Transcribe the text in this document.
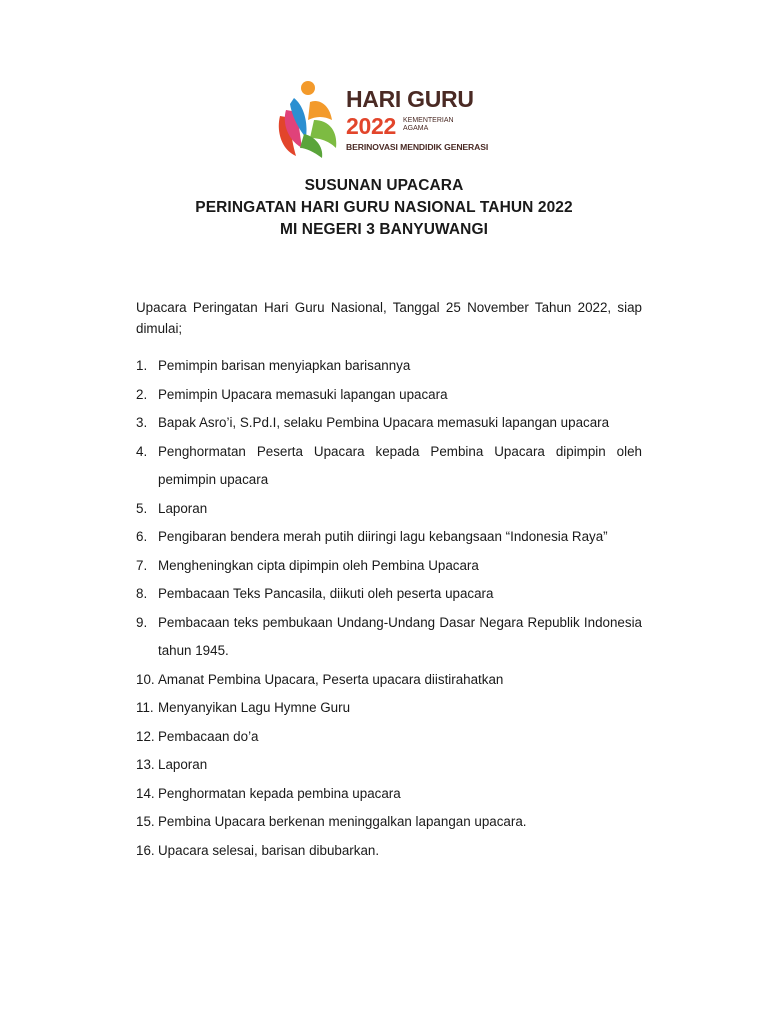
HARI GURU
2022 KEMENTERIAN
AGAMA
BERINOVASI MENDIDIK GENERASI
SUSUNAN UPACARA
PERINGATAN HARI GURU NASIONAL TAHUN 2022
MI NEGERI 3 BANYUWANGI

Upacara Peringatan Hari Guru Nasional, Tanggal 25 November Tahun 2022, siap dimulai;

1. Pemimpin barisan menyiapkan barisannya
2. Pemimpin Upacara memasuki lapangan upacara
3. Bapak Asro’i, S.Pd.I, selaku Pembina Upacara memasuki lapangan upacara
4. Penghormatan Peserta Upacara kepada Pembina Upacara dipimpin oleh pemimpin upacara
5. Laporan
6. Pengibaran bendera merah putih diiringi lagu kebangsaan “Indonesia Raya”
7. Mengheningkan cipta dipimpin oleh Pembina Upacara
8. Pembacaan Teks Pancasila, diikuti oleh peserta upacara
9. Pembacaan teks pembukaan Undang-Undang Dasar Negara Republik Indonesia tahun 1945.
10. Amanat Pembina Upacara, Peserta upacara diistirahatkan
11. Menyanyikan Lagu Hymne Guru
12. Pembacaan do’a
13. Laporan
14. Penghormatan kepada pembina upacara
15. Pembina Upacara berkenan meninggalkan lapangan upacara.
16. Upacara selesai, barisan dibubarkan.
